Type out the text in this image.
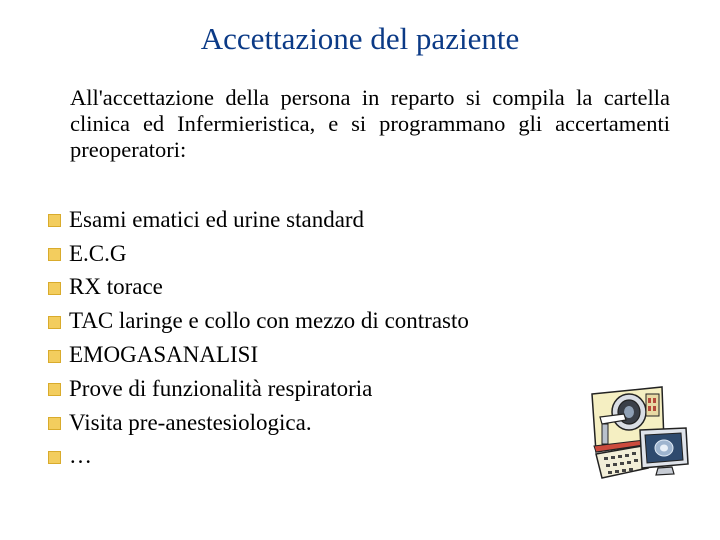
Accettazione del paziente
All'accettazione della persona in reparto si compila la cartella clinica ed Infermieristica, e si programmano gli accertamenti preoperatori:
Esami ematici ed urine standard
E.C.G
RX torace
TAC laringe e collo con mezzo di contrasto
EMOGASANALISI
Prove di funzionalità respiratoria
Visita pre-anestesiologica.
…
